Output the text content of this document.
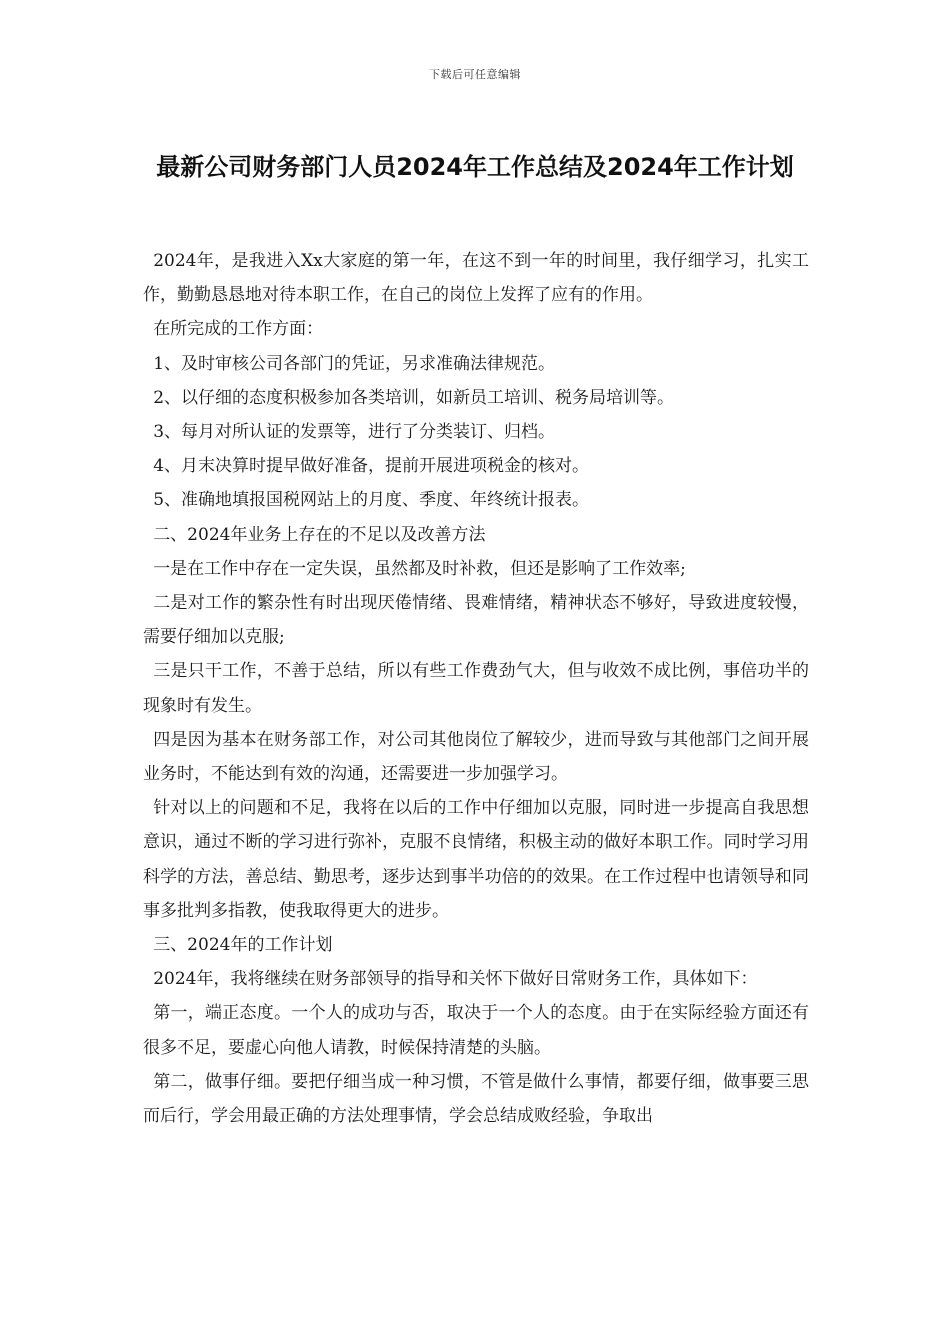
下载后可任意编辑
最新公司财务部门人员2024年工作总结及2024年工作计划

2024年，是我进入Xx大家庭的第一年，在这不到一年的时间里，我仔细学习，扎实工作，勤勤恳恳地对待本职工作，在自己的岗位上发挥了应有的作用。

在所完成的工作方面：

1、及时审核公司各部门的凭证，另求准确法律规范。

2、以仔细的态度积极参加各类培训，如新员工培训、税务局培训等。

3、每月对所认证的发票等，进行了分类装订、归档。

4、月末决算时提早做好准备，提前开展进项税金的核对。

5、准确地填报国税网站上的月度、季度、年终统计报表。

二、2024年业务上存在的不足以及改善方法

一是在工作中存在一定失误，虽然都及时补救，但还是影响了工作效率;

二是对工作的繁杂性有时出现厌倦情绪、畏难情绪，精神状态不够好，导致进度较慢，需要仔细加以克服;

三是只干工作，不善于总结，所以有些工作费劲气大，但与收效不成比例，事倍功半的现象时有发生。

四是因为基本在财务部工作，对公司其他岗位了解较少，进而导致与其他部门之间开展业务时，不能达到有效的沟通，还需要进一步加强学习。

针对以上的问题和不足，我将在以后的工作中仔细加以克服，同时进一步提高自我思想意识，通过不断的学习进行弥补，克服不良情绪，积极主动的做好本职工作。同时学习用科学的方法，善总结、勤思考，逐步达到事半功倍的的效果。在工作过程中也请领导和同事多批判多指教，使我取得更大的进步。

三、2024年的工作计划

2024年，我将继续在财务部领导的指导和关怀下做好日常财务工作，具体如下：

第一，端正态度。一个人的成功与否，取决于一个人的态度。由于在实际经验方面还有很多不足，要虚心向他人请教，时候保持清楚的头脑。

第二，做事仔细。要把仔细当成一种习惯，不管是做什么事情，都要仔细，做事要三思而后行，学会用最正确的方法处理事情，学会总结成败经验，争取出
